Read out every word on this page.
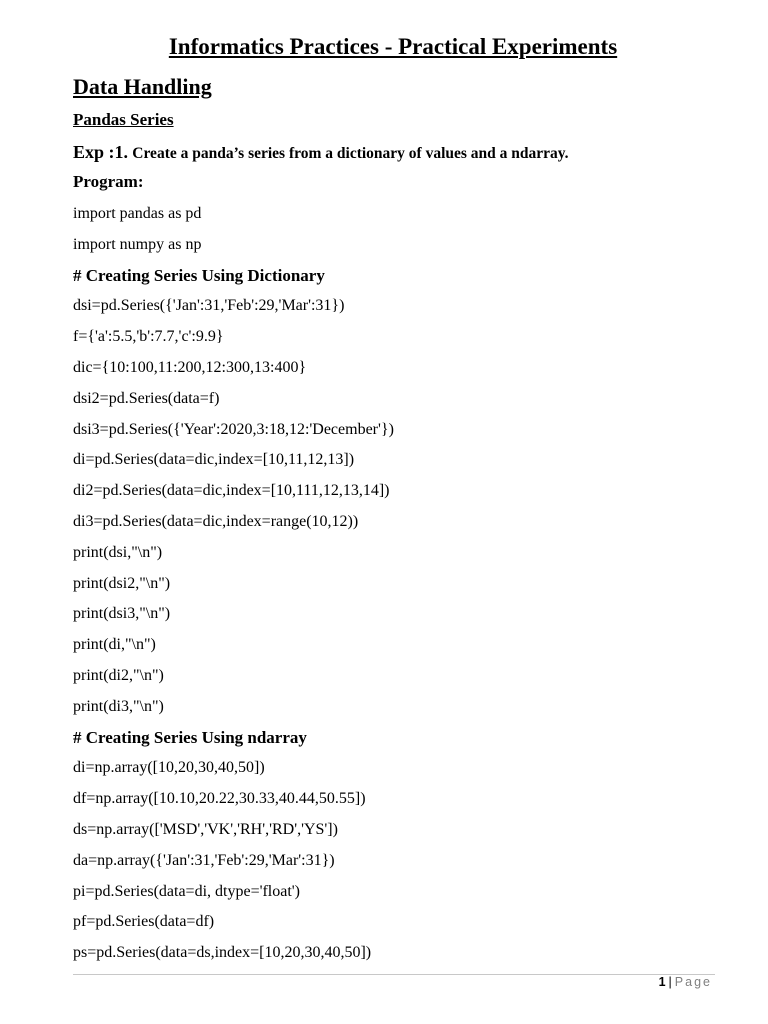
Informatics Practices - Practical Experiments
Data Handling
Pandas Series
Exp :1. Create a panda’s series from a dictionary of values and a ndarray.
Program:
import pandas as pd
import numpy as np
# Creating Series Using Dictionary
dsi=pd.Series({'Jan':31,'Feb':29,'Mar':31})
f={'a':5.5,'b':7.7,'c':9.9}
dic={10:100,11:200,12:300,13:400}
dsi2=pd.Series(data=f)
dsi3=pd.Series({'Year':2020,3:18,12:'December'})
di=pd.Series(data=dic,index=[10,11,12,13])
di2=pd.Series(data=dic,index=[10,111,12,13,14])
di3=pd.Series(data=dic,index=range(10,12))
print(dsi,"\n")
print(dsi2,"\n")
print(dsi3,"\n")
print(di,"\n")
print(di2,"\n")
print(di3,"\n")
# Creating Series Using ndarray
di=np.array([10,20,30,40,50])
df=np.array([10.10,20.22,30.33,40.44,50.55])
ds=np.array(['MSD','VK','RH','RD','YS'])
da=np.array({'Jan':31,'Feb':29,'Mar':31})
pi=pd.Series(data=di, dtype='float')
pf=pd.Series(data=df)
ps=pd.Series(data=ds,index=[10,20,30,40,50])
1 | Page
